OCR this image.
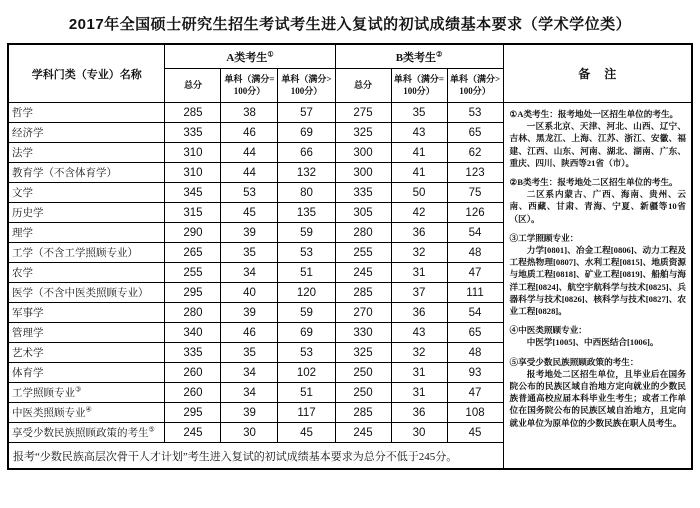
2017年全国硕士研究生招生考试考生进入复试的初试成绩基本要求（学术学位类）
学科门类（专业）名称	A类考生①			B类考生②			备注
	总分	单科（满分=100分）	单科（满分>100分）	总分	单科（满分=100分）	单科（满分>100分）	
哲学	285	38	57	275	35	53	①A类考生：报考地处一区招生单位的考生。

一区系北京、天津、河北、山西、辽宁、吉林、黑龙江、上海、江苏、浙江、安徽、福建、江西、山东、河南、湖北、湖南、广东、重庆、四川、陕西等21省（市）。

②B类考生：报考地处二区招生单位的考生。

二区系内蒙古、广西、海南、贵州、云南、西藏、甘肃、青海、宁夏、新疆等10省（区）。

③工学照顾专业：

力学[0801]、冶金工程[0806]、动力工程及工程热物理[0807]、水利工程[0815]、地质资源与地质工程[0818]、矿业工程[0819]、船舶与海洋工程[0824]、航空宇航科学与技术[0825]、兵器科学与技术[0826]、核科学与技术[0827]、农业工程[0828]。

④中医类照顾专业：

中医学[1005]、中西医结合[1006]。

⑤享受少数民族照顾政策的考生：

报考地处二区招生单位，且毕业后在国务院公布的民族区域自治地方定向就业的少数民族普通高校应届本科毕业生考生；或者工作单位在国务院公布的民族区域自治地方，且定向就业单位为原单位的少数民族在职人员考生。

经济学	335	46	69	325	43	65	
法学	310	44	66	300	41	62	
教育学（不含体育学）	310	44	132	300	41	123	
文学	345	53	80	335	50	75	
历史学	315	45	135	305	42	126	
理学	290	39	59	280	36	54	
工学（不含工学照顾专业）	265	35	53	255	32	48	
农学	255	34	51	245	31	47	
医学（不含中医类照顾专业）	295	40	120	285	37	111	
军事学	280	39	59	270	36	54	
管理学	340	46	69	330	43	65	
艺术学	335	35	53	325	32	48	
体育学	260	34	102	250	31	93	
工学照顾专业③	260	34	51	250	31	47	
中医类照顾专业④	295	39	117	285	36	108	
享受少数民族照顾政策的考生⑤	245	30	45	245	30	45	
报考“少数民族高层次骨干人才计划”考生进入复试的初试成绩基本要求为总分不低于245分。							
